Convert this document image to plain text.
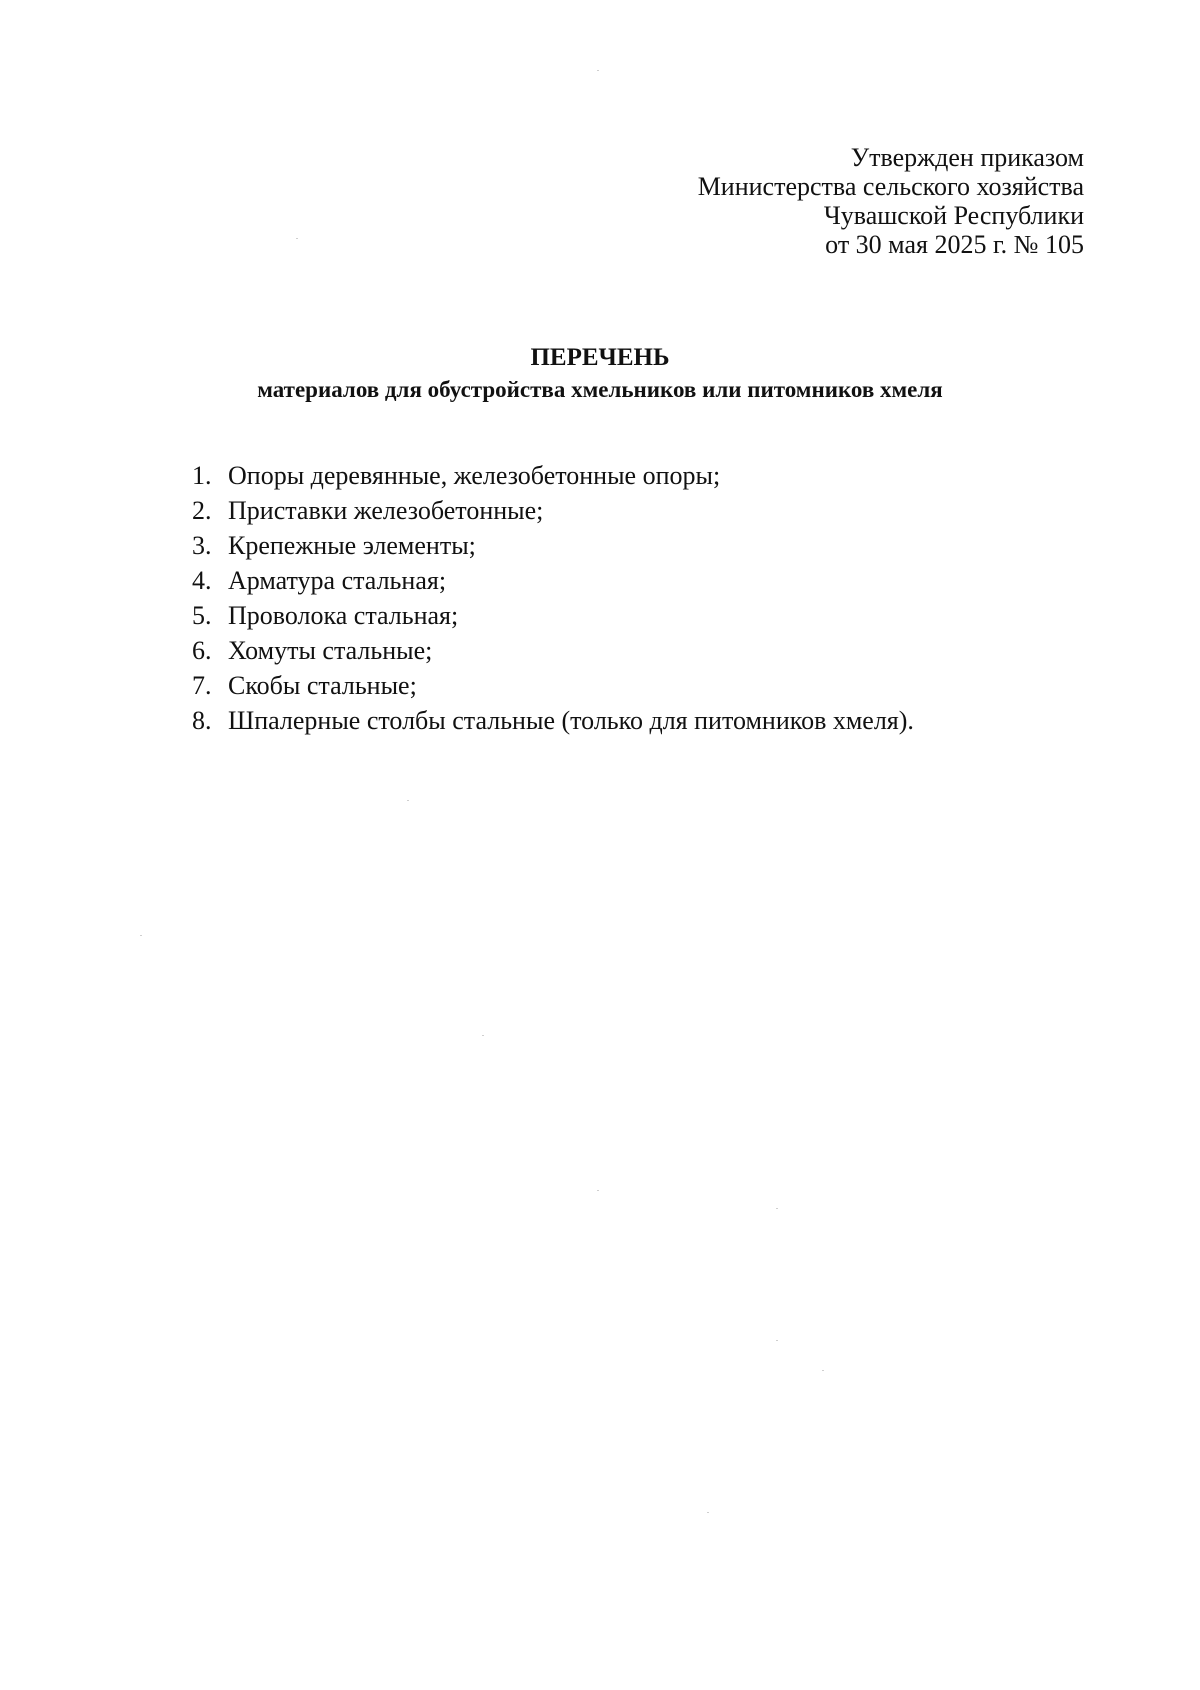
Утвержден приказом
Министерства сельского хозяйства
Чувашской Республики
от 30 мая 2025 г. № 105
ПЕРЕЧЕНЬ
материалов для обустройства хмельников или питомников хмеля
1. Опоры деревянные, железобетонные опоры;
2. Приставки железобетонные;
3. Крепежные элементы;
4. Арматура стальная;
5. Проволока стальная;
6. Хомуты стальные;
7. Скобы стальные;
8. Шпалерные столбы стальные (только для питомников хмеля).
